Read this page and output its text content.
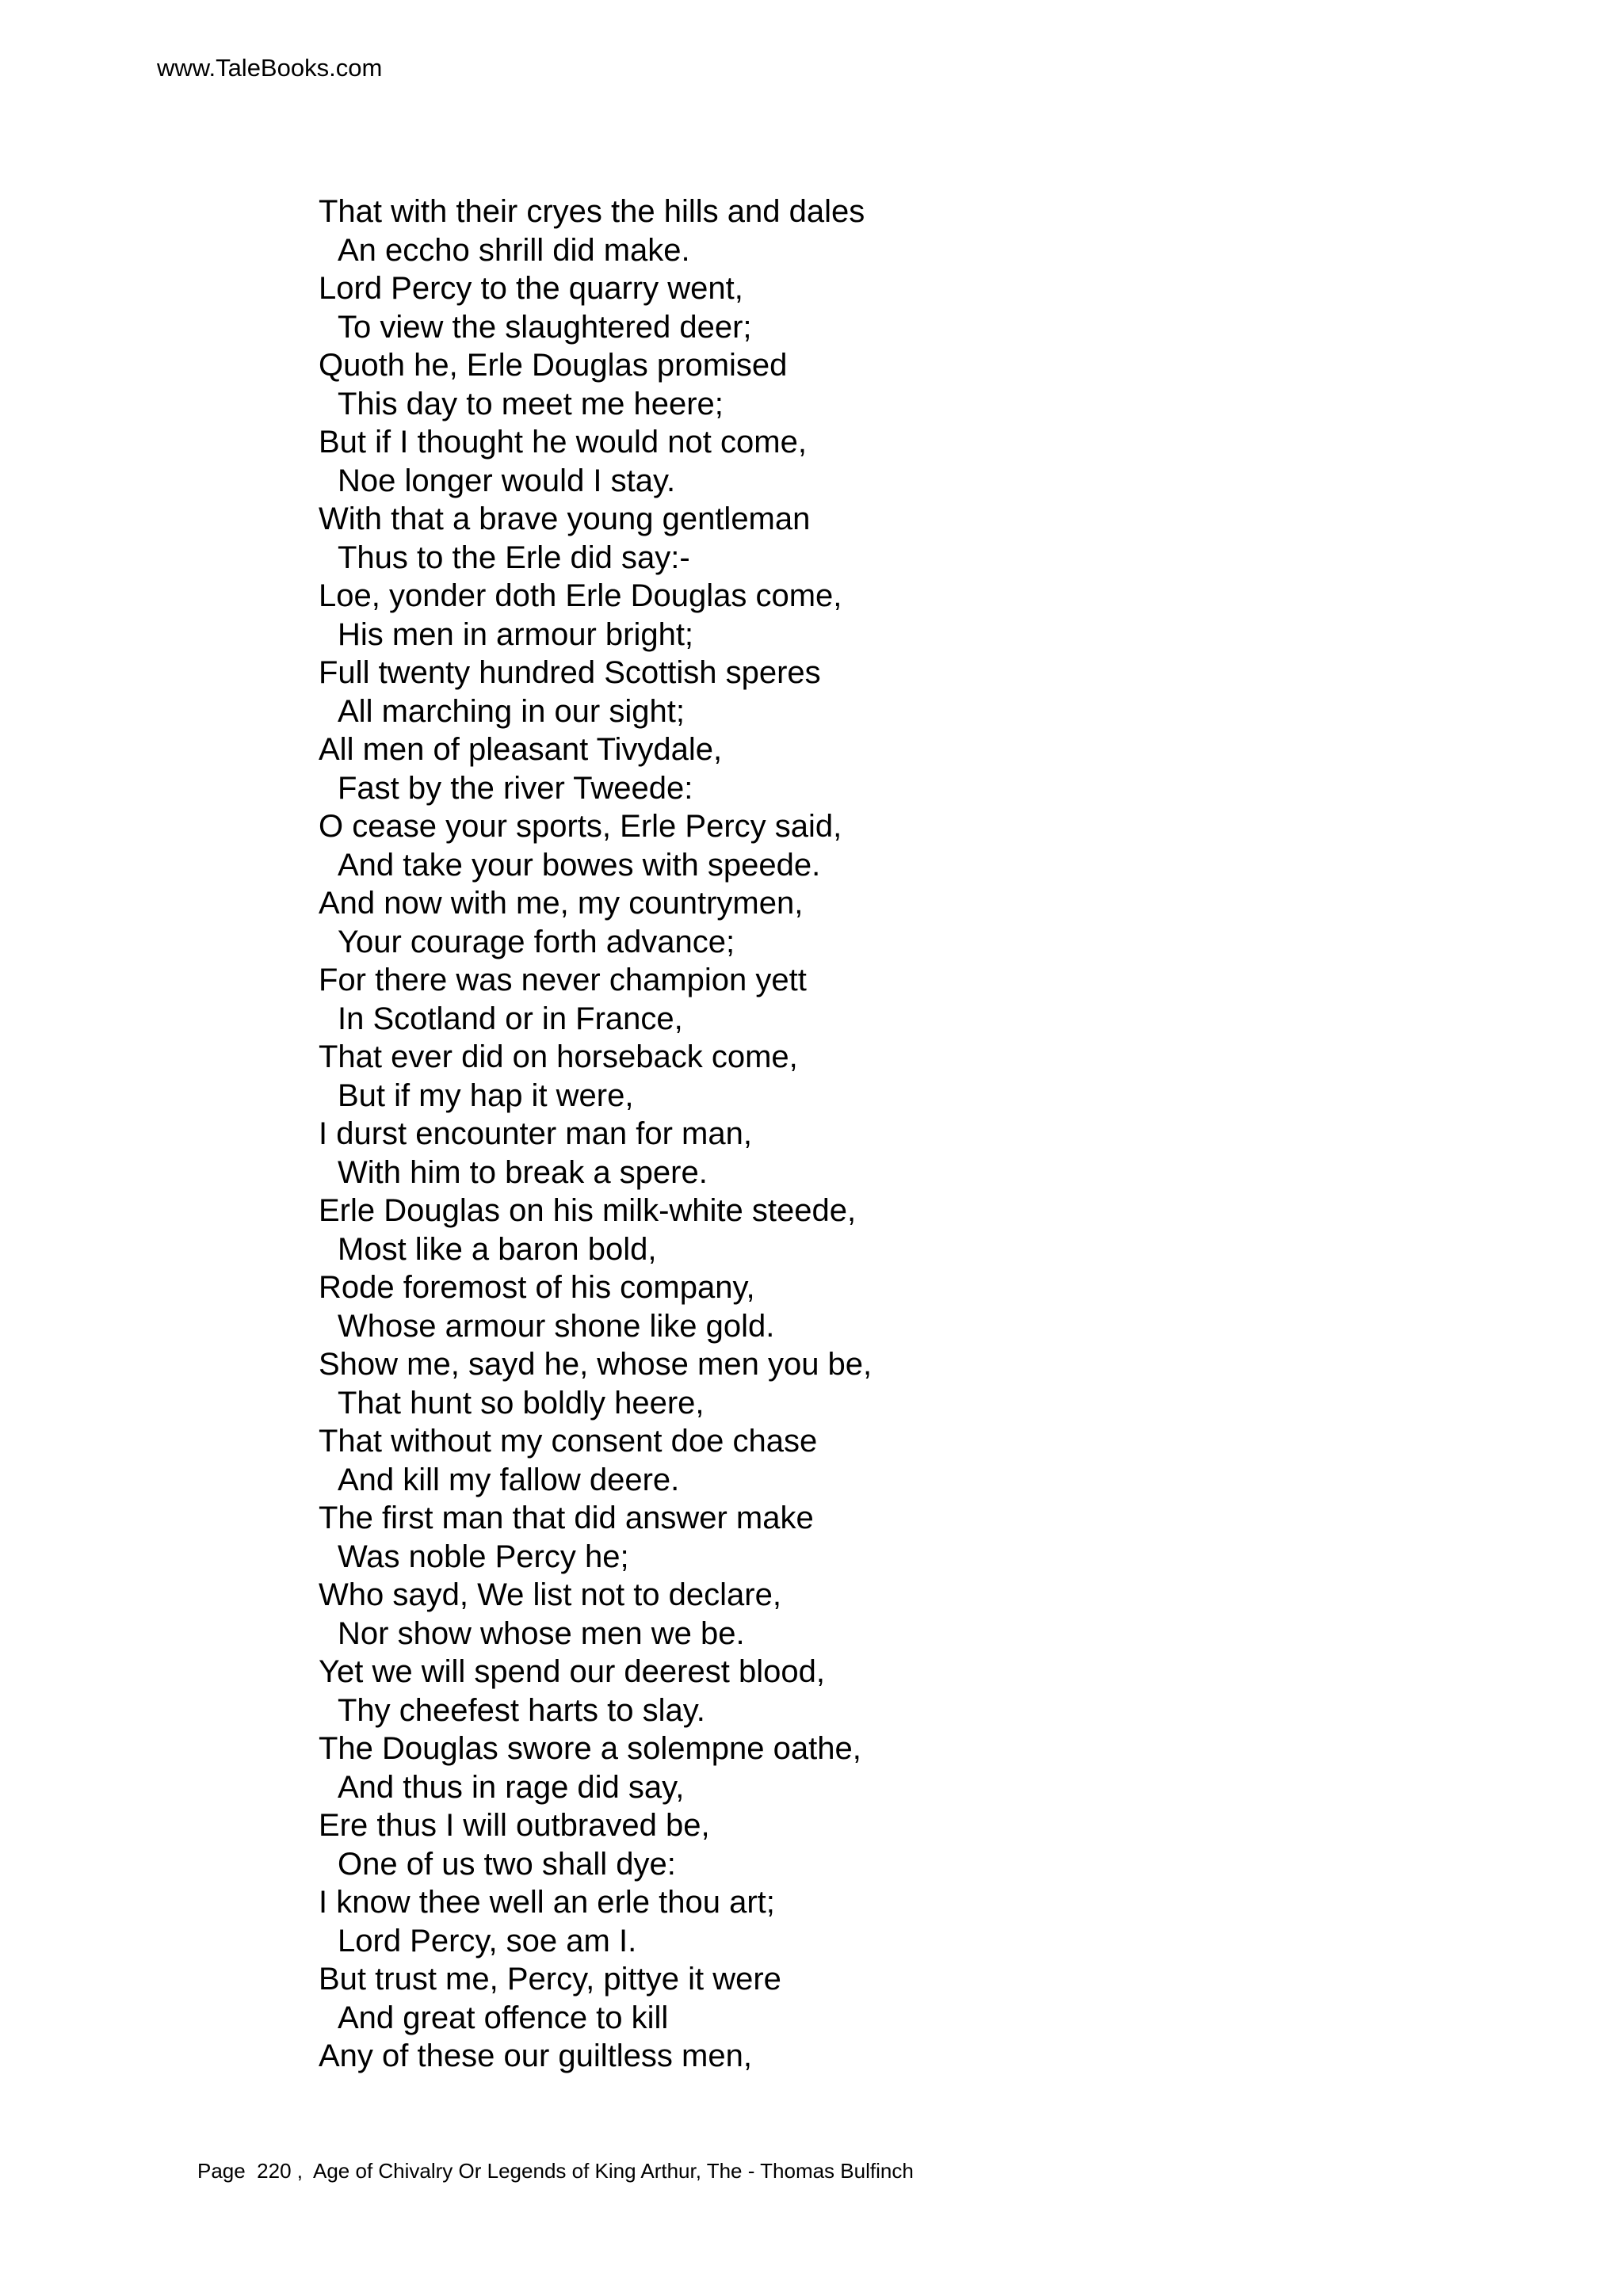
www.TaleBooks.com
That with their cryes the hills and dales
An eccho shrill did make.
Lord Percy to the quarry went,
To view the slaughtered deer;
Quoth he, Erle Douglas promised
This day to meet me heere;
But if I thought he would not come,
Noe longer would I stay.
With that a brave young gentleman
Thus to the Erle did say:-
Loe, yonder doth Erle Douglas come,
His men in armour bright;
Full twenty hundred Scottish speres
All marching in our sight;
All men of pleasant Tivydale,
Fast by the river Tweede:
O cease your sports, Erle Percy said,
And take your bowes with speede.
And now with me, my countrymen,
Your courage forth advance;
For there was never champion yett
In Scotland or in France,
That ever did on horseback come,
But if my hap it were,
I durst encounter man for man,
With him to break a spere.
Erle Douglas on his milk-white steede,
Most like a baron bold,
Rode foremost of his company,
Whose armour shone like gold.
Show me, sayd he, whose men you be,
That hunt so boldly heere,
That without my consent doe chase
And kill my fallow deere.
The first man that did answer make
Was noble Percy he;
Who sayd, We list not to declare,
Nor show whose men we be.
Yet we will spend our deerest blood,
Thy cheefest harts to slay.
The Douglas swore a solempne oathe,
And thus in rage did say,
Ere thus I will outbraved be,
One of us two shall dye:
I know thee well an erle thou art;
Lord Percy, soe am I.
But trust me, Percy, pittye it were
And great offence to kill
Any of these our guiltless men,
Page  220 ,  Age of Chivalry Or Legends of King Arthur, The - Thomas Bulfinch
